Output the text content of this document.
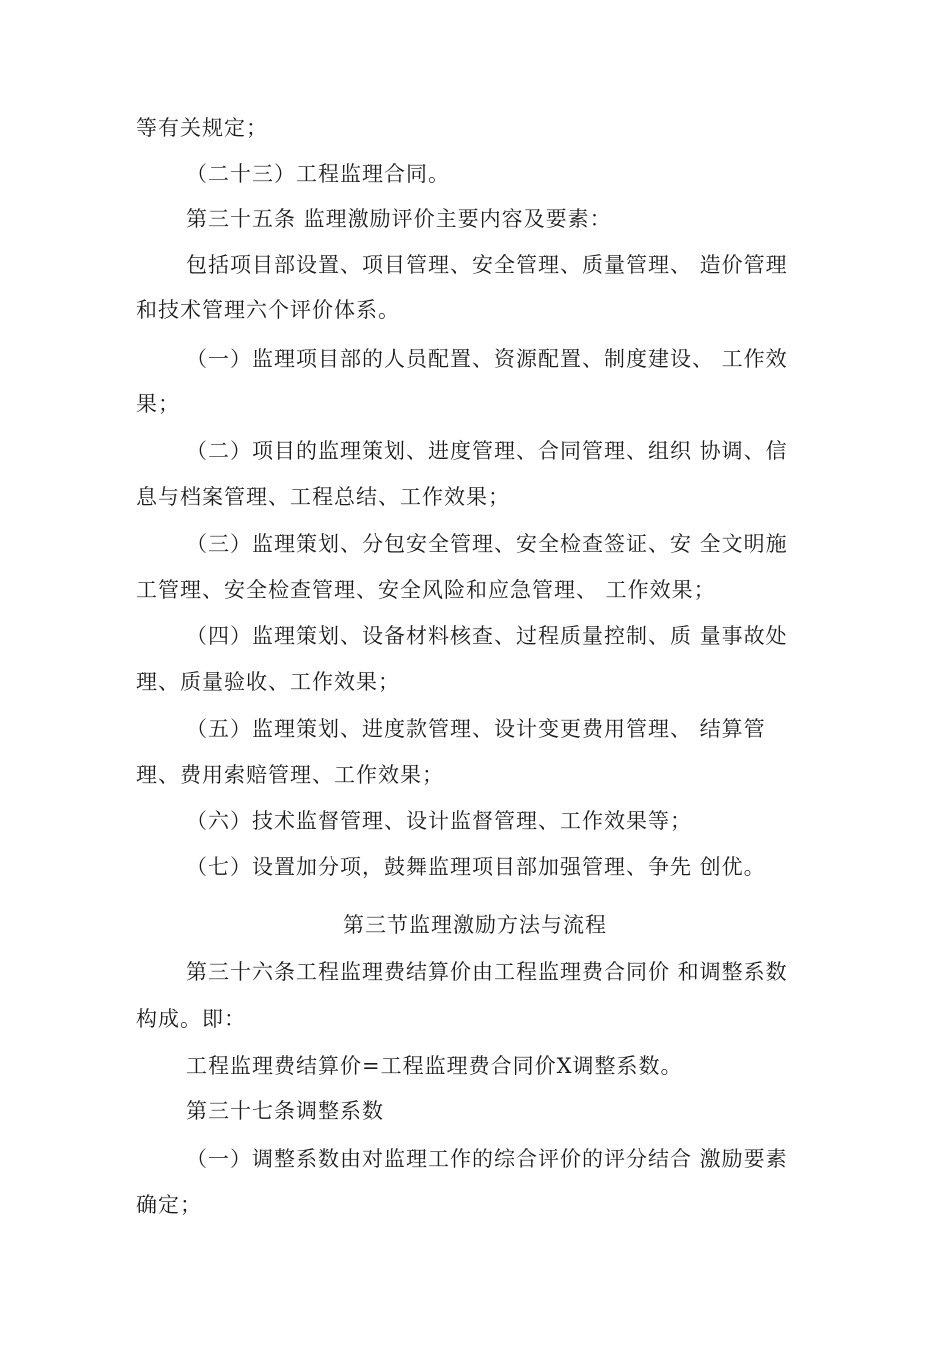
等有关规定；
（二十三）工程监理合同。
第三十五条 监理激励评价主要内容及要素：
包括项目部设置、项目管理、安全管理、质量管理、 造价管理
和技术管理六个评价体系。
（一）监理项目部的人员配置、资源配置、制度建设、 工作效
果；
（二）项目的监理策划、进度管理、合同管理、组织 协调、信
息与档案管理、工程总结、工作效果；
（三）监理策划、分包安全管理、安全检查签证、安 全文明施
工管理、安全检查管理、安全风险和应急管理、 工作效果；
（四）监理策划、设备材料核查、过程质量控制、质 量事故处
理、质量验收、工作效果；
（五）监理策划、进度款管理、设计变更费用管理、 结算管
理、费用索赔管理、工作效果；
（六）技术监督管理、设计监督管理、工作效果等；
（七）设置加分项，鼓舞监理项目部加强管理、争先 创优。
第三节监理激励方法与流程
第三十六条工程监理费结算价由工程监理费合同价 和调整系数
构成。即：
工程监理费结算价=工程监理费合同价X调整系数。
第三十七条调整系数
（一）调整系数由对监理工作的综合评价的评分结合 激励要素
确定；
